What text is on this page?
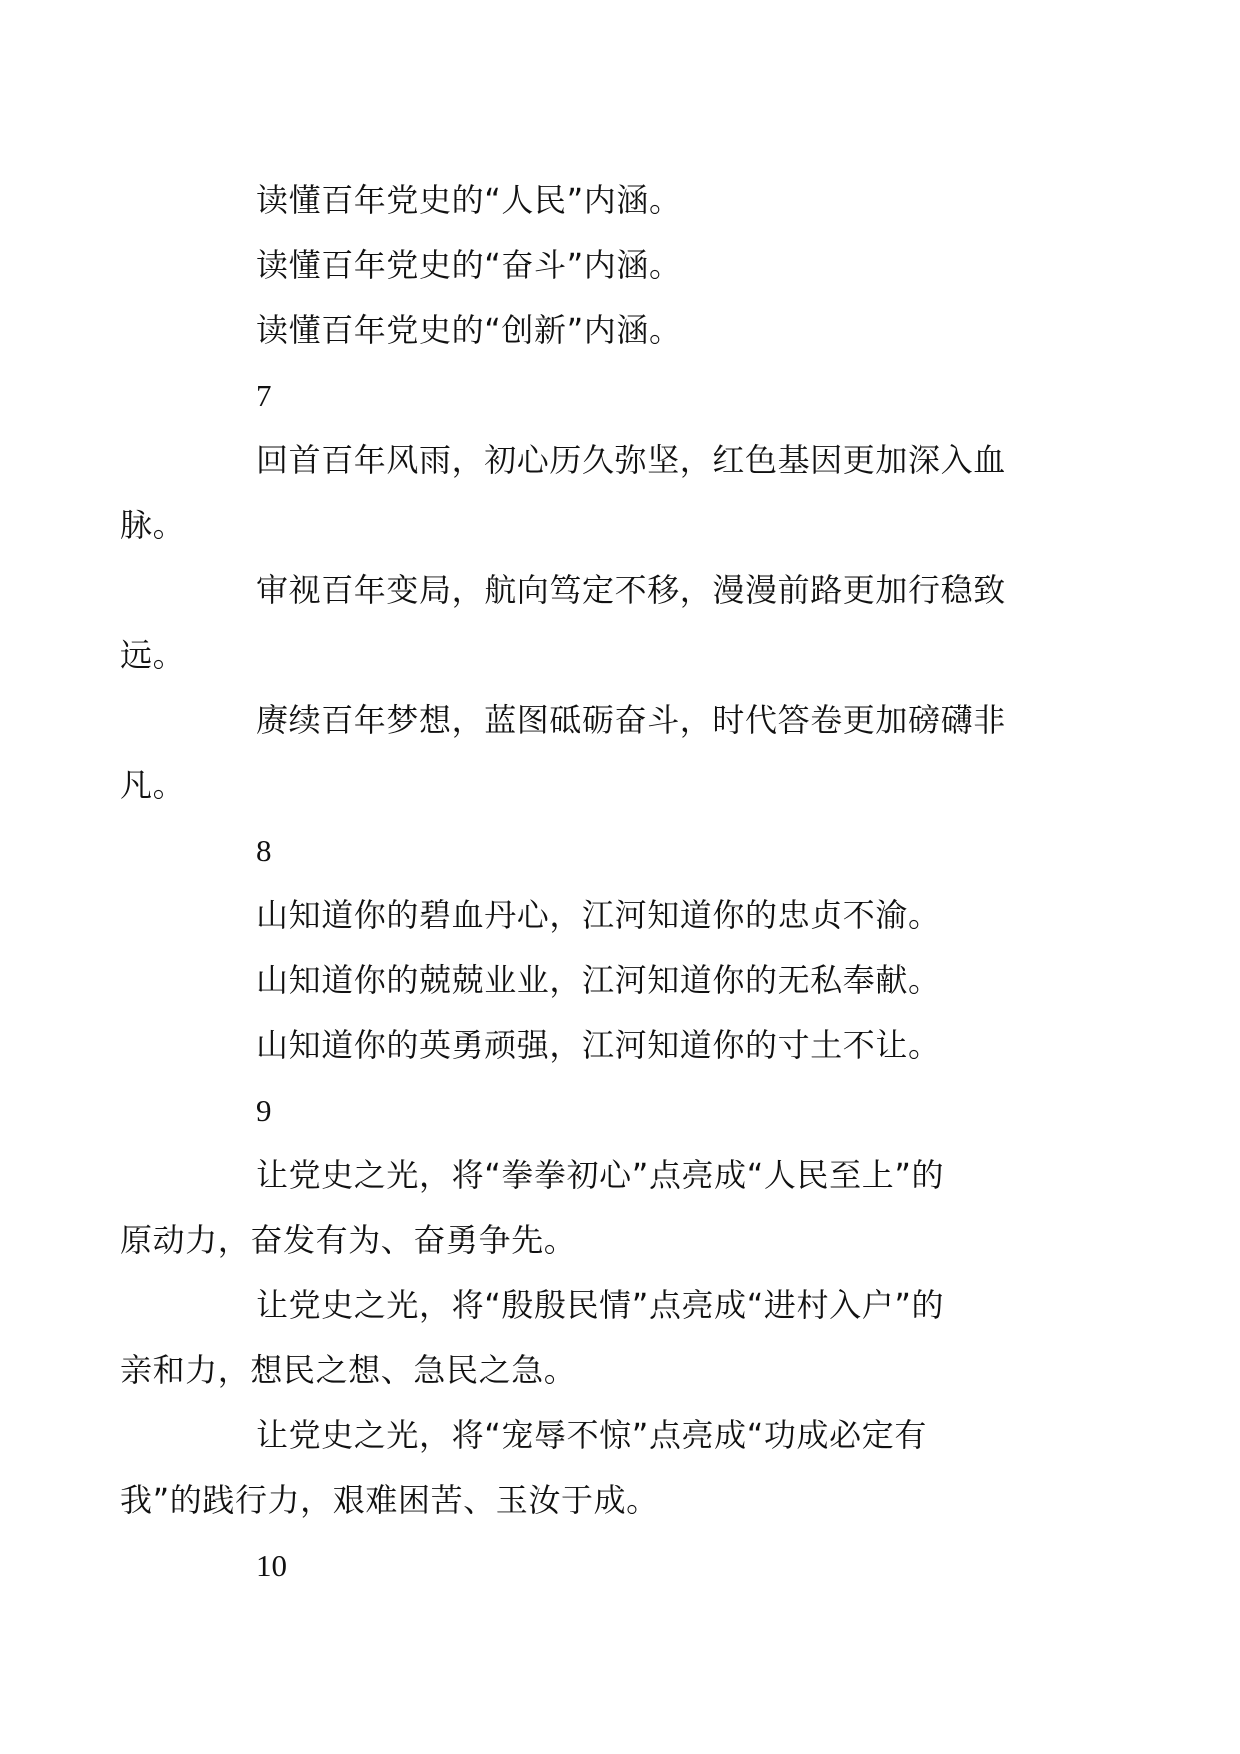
读懂百年党史的“人民”内涵。

读懂百年党史的“奋斗”内涵。

读懂百年党史的“创新”内涵。

7

回首百年风雨，初心历久弥坚，红色基因更加深入血
脉。

审视百年变局，航向笃定不移，漫漫前路更加行稳致
远。

赓续百年梦想，蓝图砥砺奋斗，时代答卷更加磅礴非
凡。

8

山知道你的碧血丹心，江河知道你的忠贞不渝。

山知道你的兢兢业业，江河知道你的无私奉献。

山知道你的英勇顽强，江河知道你的寸土不让。

9

让党史之光，将“拳拳初心”点亮成“人民至上”的
原动力，奋发有为、奋勇争先。

让党史之光，将“殷殷民情”点亮成“进村入户”的
亲和力，想民之想、急民之急。

让党史之光，将“宠辱不惊”点亮成“功成必定有
我”的践行力，艰难困苦、玉汝于成。

10
